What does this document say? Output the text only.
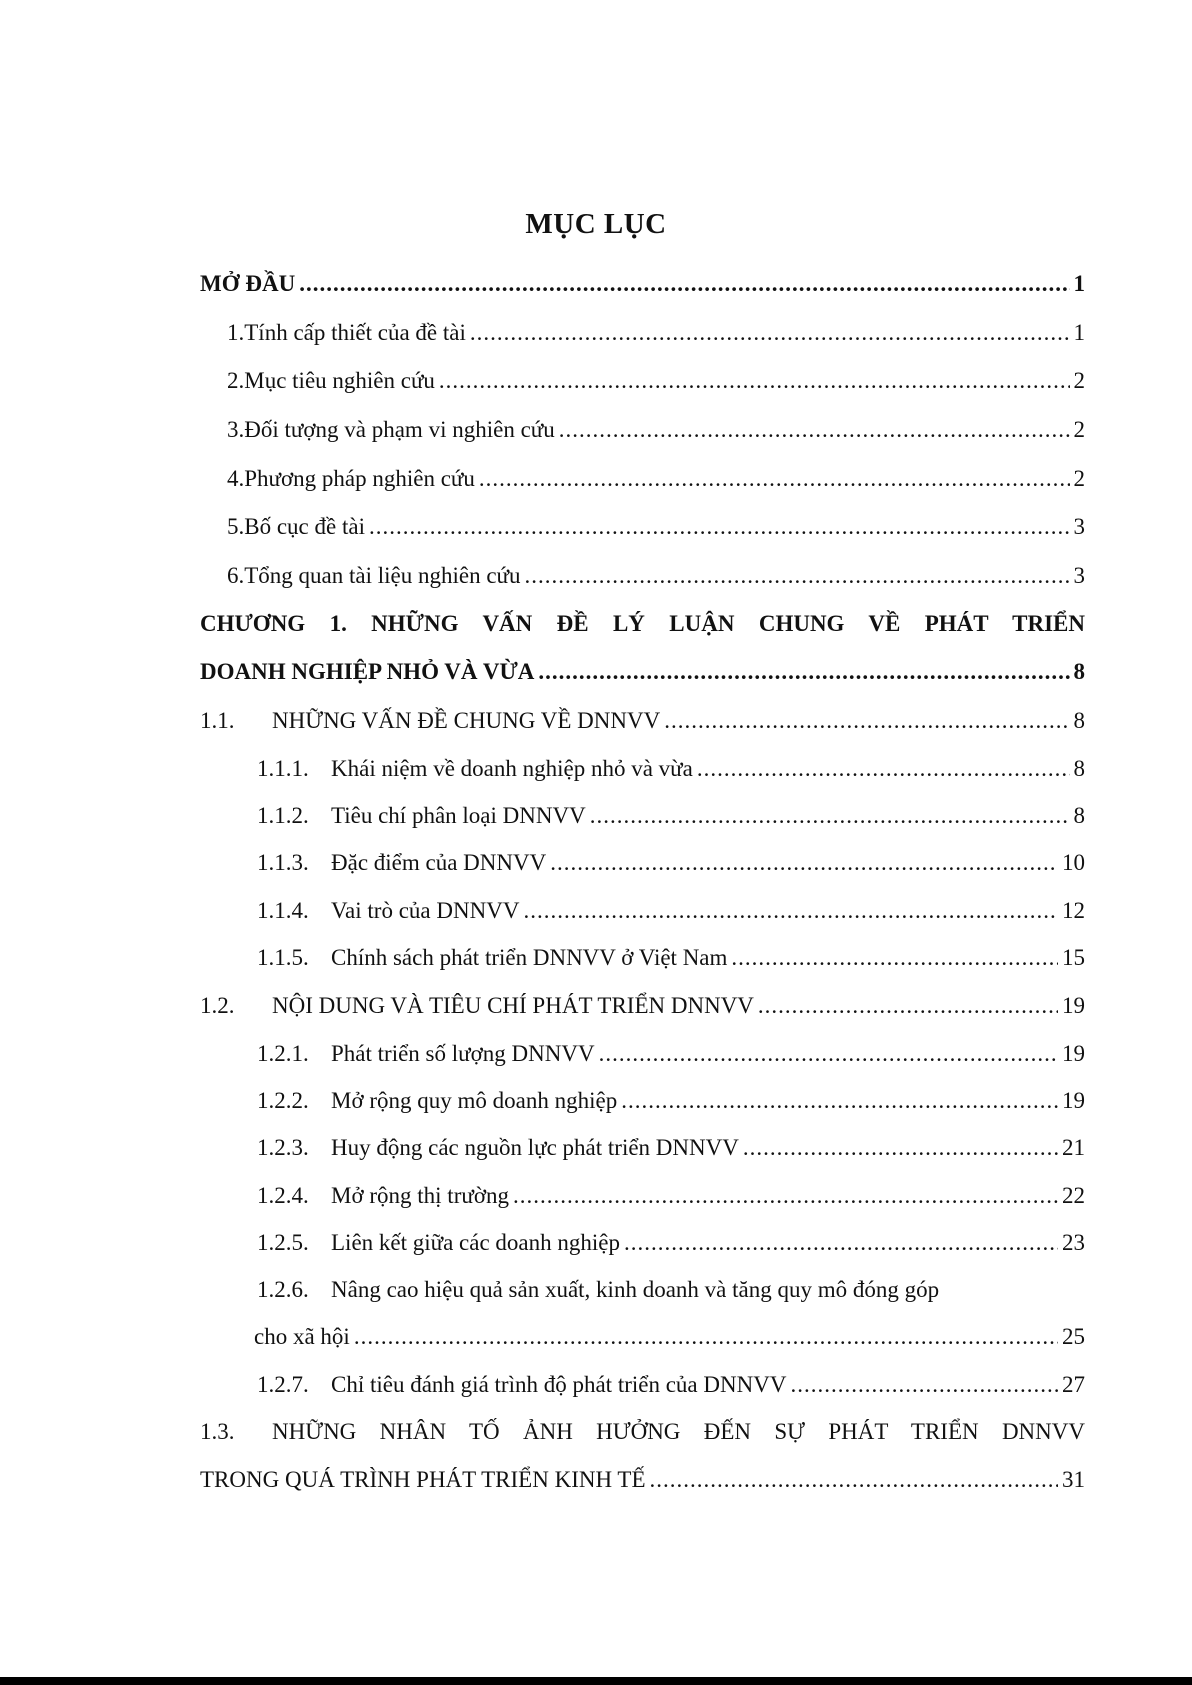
MỤC LỤC
MỞ ĐẦU .....	1
1. Tính cấp thiết của đề tài .....	1
2. Mục tiêu nghiên cứu .....	2
3. Đối tượng và phạm vi nghiên cứu .....	2
4. Phương pháp nghiên cứu .....	2
5. Bố cục đề tài .....	3
6. Tổng quan tài liệu nghiên cứu .....	3
CHƯƠNG 1. NHỮNG VẤN ĐỀ LÝ LUẬN CHUNG VỀ PHÁT TRIỂN
DOANH NGHIỆP NHỎ VÀ VỪA .....	8
1.1.	NHỮNG VẤN ĐỀ CHUNG VỀ DNNVV .....	8
1.1.1. Khái niệm về doanh nghiệp nhỏ và vừa .....	8
1.1.2. Tiêu chí phân loại DNNVV .....	8
1.1.3. Đặc điểm của DNNVV .....	10
1.1.4. Vai trò của DNNVV .....	12
1.1.5. Chính sách phát triển DNNVV ở Việt Nam .....	15
1.2.	NỘI DUNG VÀ TIÊU CHÍ PHÁT TRIỂN DNNVV .....	19
1.2.1. Phát triển số lượng DNNVV .....	19
1.2.2. Mở rộng quy mô doanh nghiệp .....	19
1.2.3. Huy động các nguồn lực phát triển DNNVV .....	21
1.2.4. Mở rộng thị trường .....	22
1.2.5. Liên kết giữa các doanh nghiệp .....	23
1.2.6. Nâng cao hiệu quả sản xuất, kinh doanh và tăng quy mô đóng góp
cho xã hội .....	25
1.2.7. Chỉ tiêu đánh giá trình độ phát triển của DNNVV .....	27
1.3.	NHỮNG NHÂN TỐ ẢNH HƯỞNG ĐẾN SỰ PHÁT TRIỂN DNNVV
TRONG QUÁ TRÌNH PHÁT TRIỂN KINH TẾ .....	31
